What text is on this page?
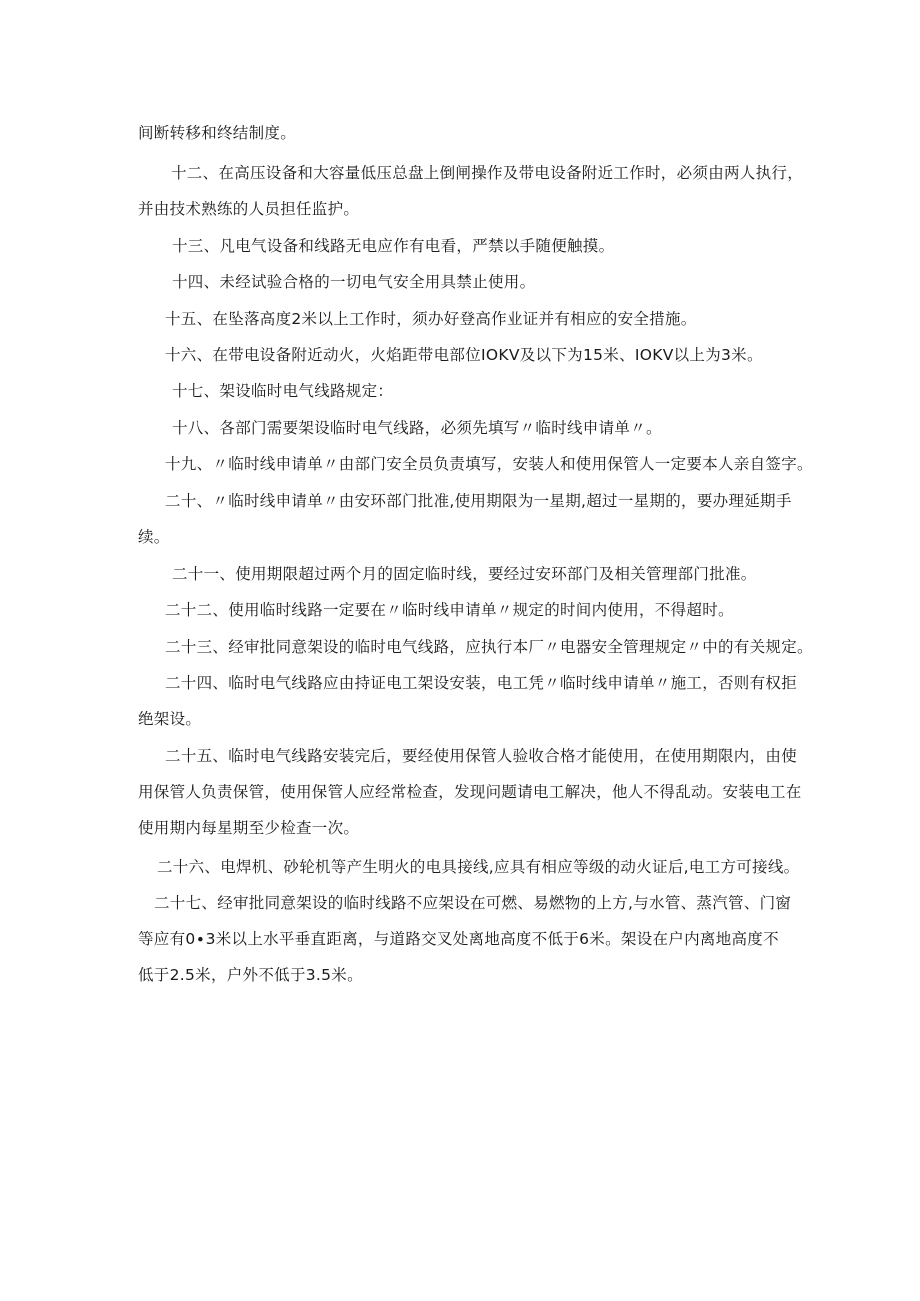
间断转移和终结制度。
十二、在高压设备和大容量低压总盘上倒闸操作及带电设备附近工作时，必须由两人执行，
并由技术熟练的人员担任监护。
十三、凡电气设备和线路无电应作有电看，严禁以手随便触摸。
十四、未经试验合格的一切电气安全用具禁止使用。
十五、在坠落高度2米以上工作时，须办好登高作业证并有相应的安全措施。
十六、在带电设备附近动火，火焰距带电部位IOKV及以下为15米、IOKV以上为3米。
十七、架设临时电气线路规定：
十八、各部门需要架设临时电气线路，必须先填写〃临时线申请单〃。
十九、〃临时线申请单〃由部门安全员负责填写，安装人和使用保管人一定要本人亲自签字。
二十、〃临时线申请单〃由安环部门批准,使用期限为一星期,超过一星期的，要办理延期手
续。
二十一、使用期限超过两个月的固定临时线，要经过安环部门及相关管理部门批准。
二十二、使用临时线路一定要在〃临时线申请单〃规定的时间内使用，不得超时。
二十三、经审批同意架设的临时电气线路，应执行本厂〃电器安全管理规定〃中的有关规定。
二十四、临时电气线路应由持证电工架设安装，电工凭〃临时线申请单〃施工，否则有权拒
绝架设。
二十五、临时电气线路安装完后，要经使用保管人验收合格才能使用，在使用期限内，由使
用保管人负责保管，使用保管人应经常检查，发现问题请电工解决，他人不得乱动。安装电工在
使用期内每星期至少检查一次。
二十六、电焊机、砂轮机等产生明火的电具接线,应具有相应等级的动火证后,电工方可接线。
二十七、经审批同意架设的临时线路不应架设在可燃、易燃物的上方,与水管、蒸汽管、门窗
等应有0∙3米以上水平垂直距离，与道路交叉处离地高度不低于6米。架设在户内离地高度不
低于2.5米，户外不低于3.5米。
